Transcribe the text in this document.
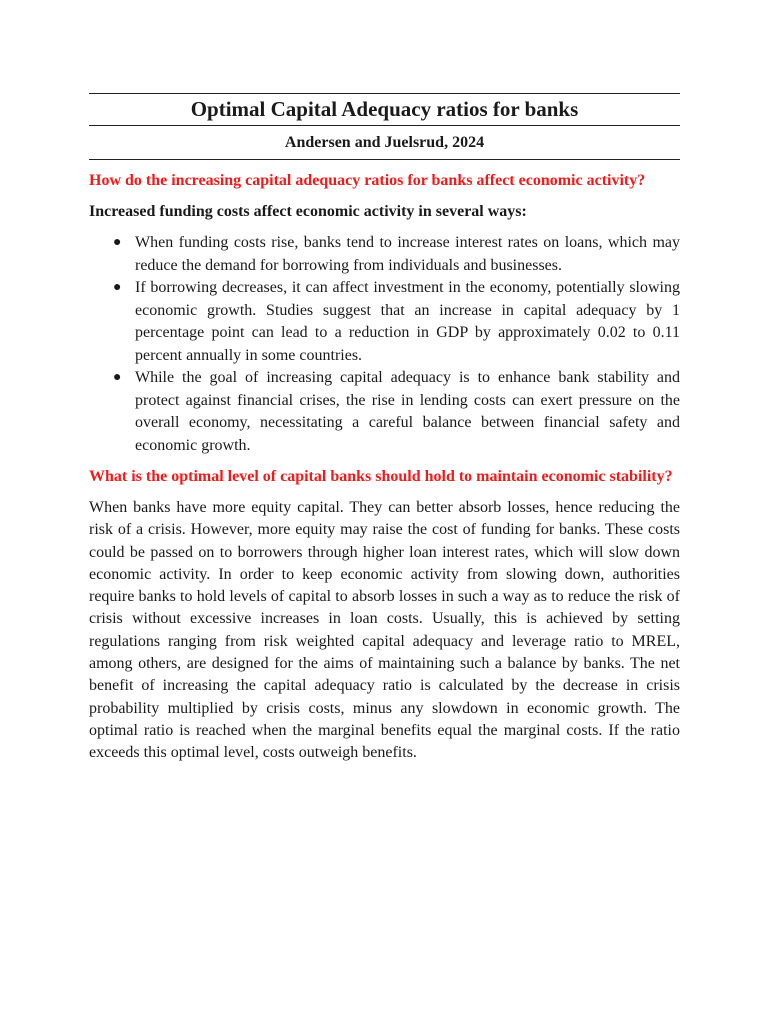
Optimal Capital Adequacy ratios for banks

Andersen and Juelsrud, 2024

How do the increasing capital adequacy ratios for banks affect economic activity?

Increased funding costs affect economic activity in several ways:

● When funding costs rise, banks tend to increase interest rates on loans, which may reduce the demand for borrowing from individuals and businesses.
● If borrowing decreases, it can affect investment in the economy, potentially slowing economic growth. Studies suggest that an increase in capital adequacy by 1 percentage point can lead to a reduction in GDP by approximately 0.02 to 0.11 percent annually in some countries.
● While the goal of increasing capital adequacy is to enhance bank stability and protect against financial crises, the rise in lending costs can exert pressure on the overall economy, necessitating a careful balance between financial safety and economic growth.

What is the optimal level of capital banks should hold to maintain economic stability?

When banks have more equity capital. They can better absorb losses, hence reducing the risk of a crisis. However, more equity may raise the cost of funding for banks. These costs could be passed on to borrowers through higher loan interest rates, which will slow down economic activity. In order to keep economic activity from slowing down, authorities require banks to hold levels of capital to absorb losses in such a way as to reduce the risk of crisis without excessive increases in loan costs. Usually, this is achieved by setting regulations ranging from risk weighted capital adequacy and leverage ratio to MREL, among others, are designed for the aims of maintaining such a balance by banks. The net benefit of increasing the capital adequacy ratio is calculated by the decrease in crisis probability multiplied by crisis costs, minus any slowdown in economic growth. The optimal ratio is reached when the marginal benefits equal the marginal costs. If the ratio exceeds this optimal level, costs outweigh benefits.
